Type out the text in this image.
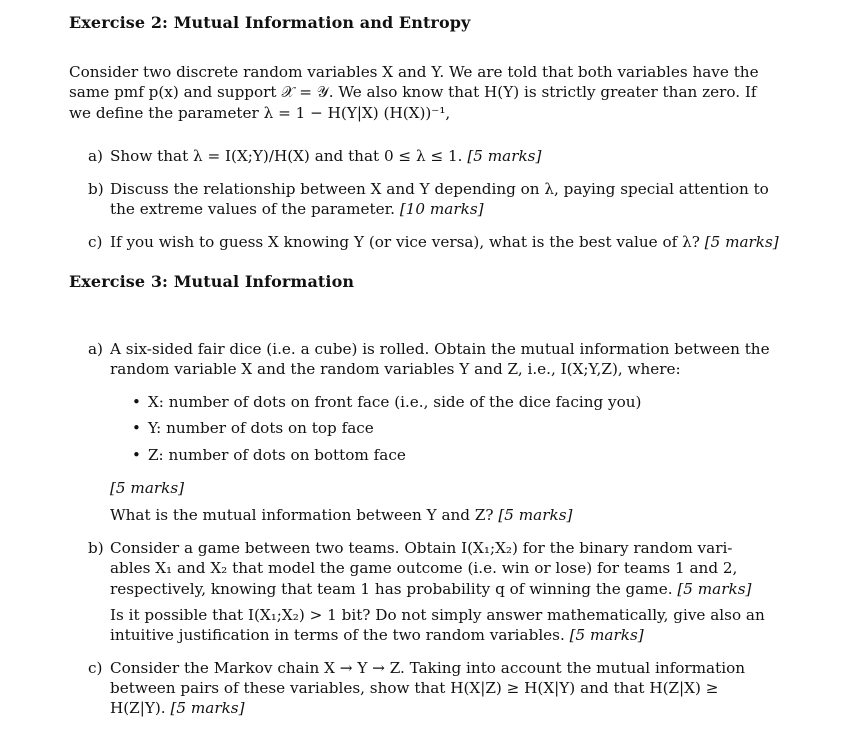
Exercise 2: Mutual Information and Entropy
Consider two discrete random variables X and Y. We are told that both variables have the
same pmf p(x) and support 𝒳 = 𝒴. We also know that H(Y) is strictly greater than zero. If
we define the parameter λ = 1 − H(Y|X) (H(X))⁻¹,
a) Show that λ = I(X;Y)/H(X) and that 0 ≤ λ ≤ 1. [5 marks]
b) Discuss the relationship between X and Y depending on λ, paying special attention to
the extreme values of the parameter. [10 marks]
c) If you wish to guess X knowing Y (or vice versa), what is the best value of λ? [5 marks]
Exercise 3: Mutual Information
a) A six-sided fair dice (i.e. a cube) is rolled. Obtain the mutual information between the
random variable X and the random variables Y and Z, i.e., I(X;Y,Z), where:
• X: number of dots on front face (i.e., side of the dice facing you)
• Y: number of dots on top face
• Z: number of dots on bottom face
[5 marks]
What is the mutual information between Y and Z? [5 marks]
b) Consider a game between two teams. Obtain I(X₁;X₂) for the binary random vari-
ables X₁ and X₂ that model the game outcome (i.e. win or lose) for teams 1 and 2,
respectively, knowing that team 1 has probability q of winning the game. [5 marks]
Is it possible that I(X₁;X₂) > 1 bit? Do not simply answer mathematically, give also an
intuitive justification in terms of the two random variables. [5 marks]
c) Consider the Markov chain X → Y → Z. Taking into account the mutual information
between pairs of these variables, show that H(X|Z) ≥ H(X|Y) and that H(Z|X) ≥
H(Z|Y). [5 marks]
